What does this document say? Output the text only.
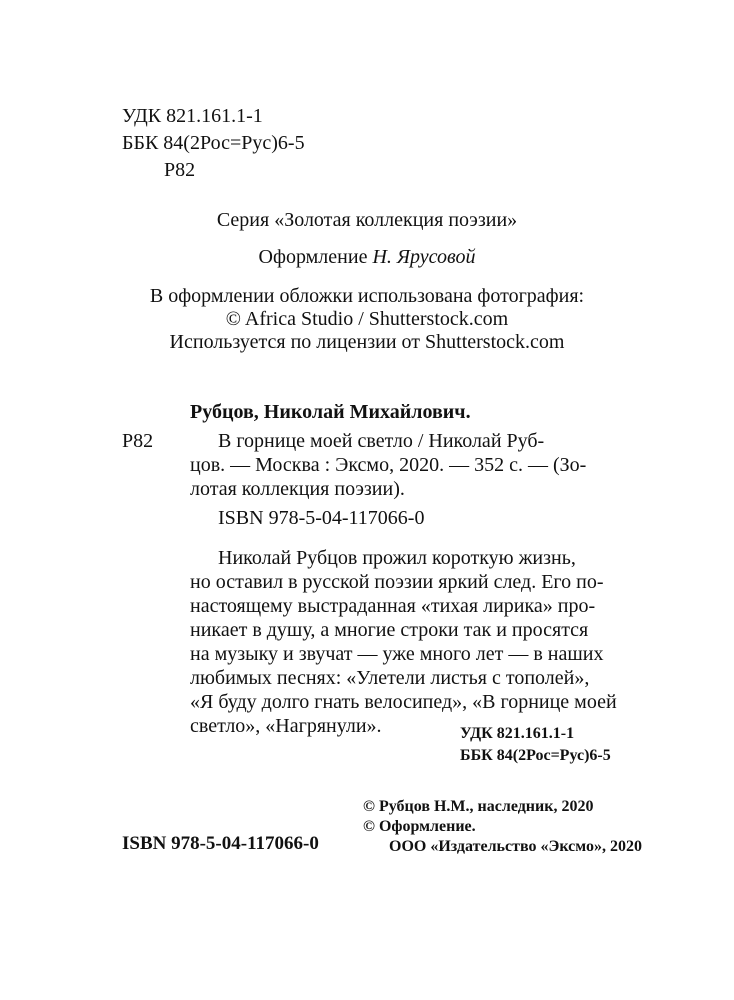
УДК 821.161.1-1
ББК 84(2Рос=Рус)6-5
Р82
Серия «Золотая коллекция поэзии»
Оформление Н. Ярусовой
В оформлении обложки использована фотография:
© Africa Studio / Shutterstock.com
Используется по лицензии от Shutterstock.com
Рубцов, Николай Михайлович.
Р82	В горнице моей светло / Николай Руб-
цов. — Москва : Эксмо, 2020. — 352 с. — (Зо-
лотая коллекция поэзии).
ISBN 978-5-04-117066-0
Николай Рубцов прожил короткую жизнь,
но оставил в русской поэзии яркий след. Его по-
настоящему выстраданная «тихая лирика» про-
никает в душу, а многие строки так и просятся
на музыку и звучат — уже много лет — в наших
любимых песнях: «Улетели листья с тополей»,
«Я буду долго гнать велосипед», «В горнице моей
светло», «Нагрянули».	УДК 821.161.1-1
ББК 84(2Рос=Рус)6-5
© Рубцов Н.М., наследник, 2020
© Оформление.
ООО «Издательство «Эксмо», 2020
ISBN 978-5-04-117066-0
